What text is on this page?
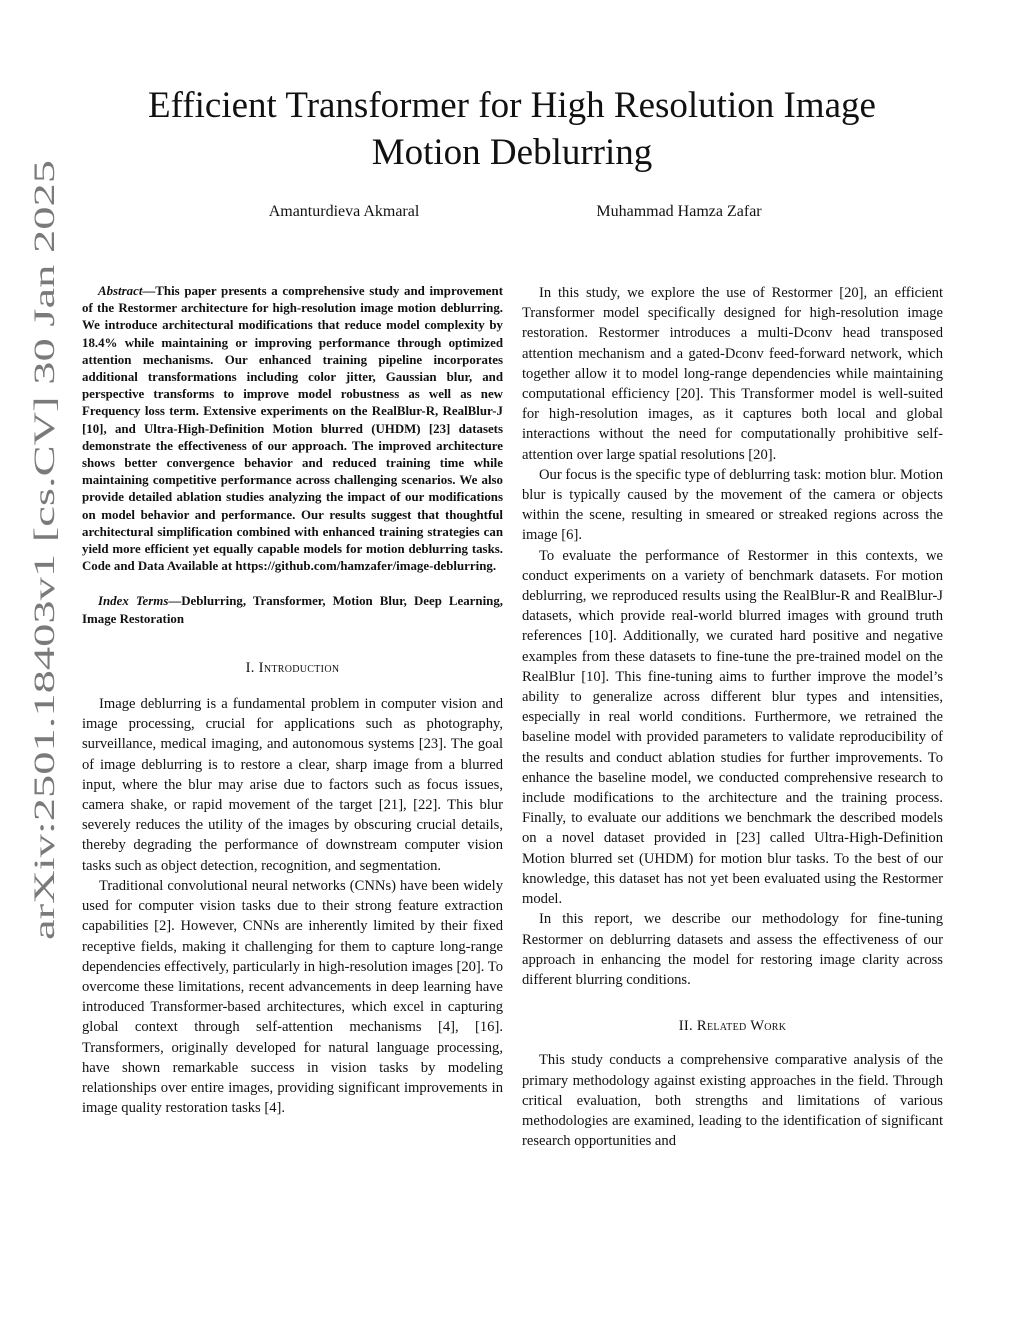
arXiv:2501.18403v1 [cs.CV] 30 Jan 2025
Efficient Transformer for High Resolution Image
Motion Deblurring
Amanturdieva Akmaral	Muhammad Hamza Zafar

Abstract—This paper presents a comprehensive study and improvement of the Restormer architecture for high-resolution image motion deblurring. We introduce architectural modifications that reduce model complexity by 18.4% while maintaining or improving performance through optimized attention mechanisms. Our enhanced training pipeline incorporates additional transformations including color jitter, Gaussian blur, and perspective transforms to improve model robustness as well as new Frequency loss term. Extensive experiments on the RealBlur-R, RealBlur-J [10], and Ultra-High-Definition Motion blurred (UHDM) [23] datasets demonstrate the effectiveness of our approach. The improved architecture shows better convergence behavior and reduced training time while maintaining competitive performance across challenging scenarios. We also provide detailed ablation studies analyzing the impact of our modifications on model behavior and performance. Our results suggest that thoughtful architectural simplification combined with enhanced training strategies can yield more efficient yet equally capable models for motion deblurring tasks. Code and Data Available at https://github.com/hamzafer/image-deblurring.

Index Terms—Deblurring, Transformer, Motion Blur, Deep Learning, Image Restoration

I. Introduction

Image deblurring is a fundamental problem in computer vision and image processing, crucial for applications such as photography, surveillance, medical imaging, and autonomous systems [23]. The goal of image deblurring is to restore a clear, sharp image from a blurred input, where the blur may arise due to factors such as focus issues, camera shake, or rapid movement of the target [21], [22]. This blur severely reduces the utility of the images by obscuring crucial details, thereby degrading the performance of downstream computer vision tasks such as object detection, recognition, and segmentation.

Traditional convolutional neural networks (CNNs) have been widely used for computer vision tasks due to their strong feature extraction capabilities [2]. However, CNNs are inherently limited by their fixed receptive fields, making it challenging for them to capture long-range dependencies effectively, particularly in high-resolution images [20]. To overcome these limitations, recent advancements in deep learning have introduced Transformer-based architectures, which excel in capturing global context through self-attention mechanisms [4], [16]. Transformers, originally developed for natural language processing, have shown remarkable success in vision tasks by modeling relationships over entire images, providing significant improvements in image quality restoration tasks [4].

In this study, we explore the use of Restormer [20], an efficient Transformer model specifically designed for high-resolution image restoration. Restormer introduces a multi-Dconv head transposed attention mechanism and a gated-Dconv feed-forward network, which together allow it to model long-range dependencies while maintaining computational efficiency [20]. This Transformer model is well-suited for high-resolution images, as it captures both local and global interactions without the need for computationally prohibitive self-attention over large spatial resolutions [20].

Our focus is the specific type of deblurring task: motion blur. Motion blur is typically caused by the movement of the camera or objects within the scene, resulting in smeared or streaked regions across the image [6].

To evaluate the performance of Restormer in this contexts, we conduct experiments on a variety of benchmark datasets. For motion deblurring, we reproduced results using the RealBlur-R and RealBlur-J datasets, which provide real-world blurred images with ground truth references [10]. Additionally, we curated hard positive and negative examples from these datasets to fine-tune the pre-trained model on the RealBlur [10]. This fine-tuning aims to further improve the model’s ability to generalize across different blur types and intensities, especially in real world conditions. Furthermore, we retrained the baseline model with provided parameters to validate reproducibility of the results and conduct ablation studies for further improvements. To enhance the baseline model, we conducted comprehensive research to include modifications to the architecture and the training process. Finally, to evaluate our additions we benchmark the described models on a novel dataset provided in [23] called Ultra-High-Definition Motion blurred set (UHDM) for motion blur tasks. To the best of our knowledge, this dataset has not yet been evaluated using the Restormer model.

In this report, we describe our methodology for fine-tuning Restormer on deblurring datasets and assess the effectiveness of our approach in enhancing the model for restoring image clarity across different blurring conditions.

II. Related Work

This study conducts a comprehensive comparative analysis of the primary methodology against existing approaches in the field. Through critical evaluation, both strengths and limitations of various methodologies are examined, leading to the identification of significant research opportunities and
